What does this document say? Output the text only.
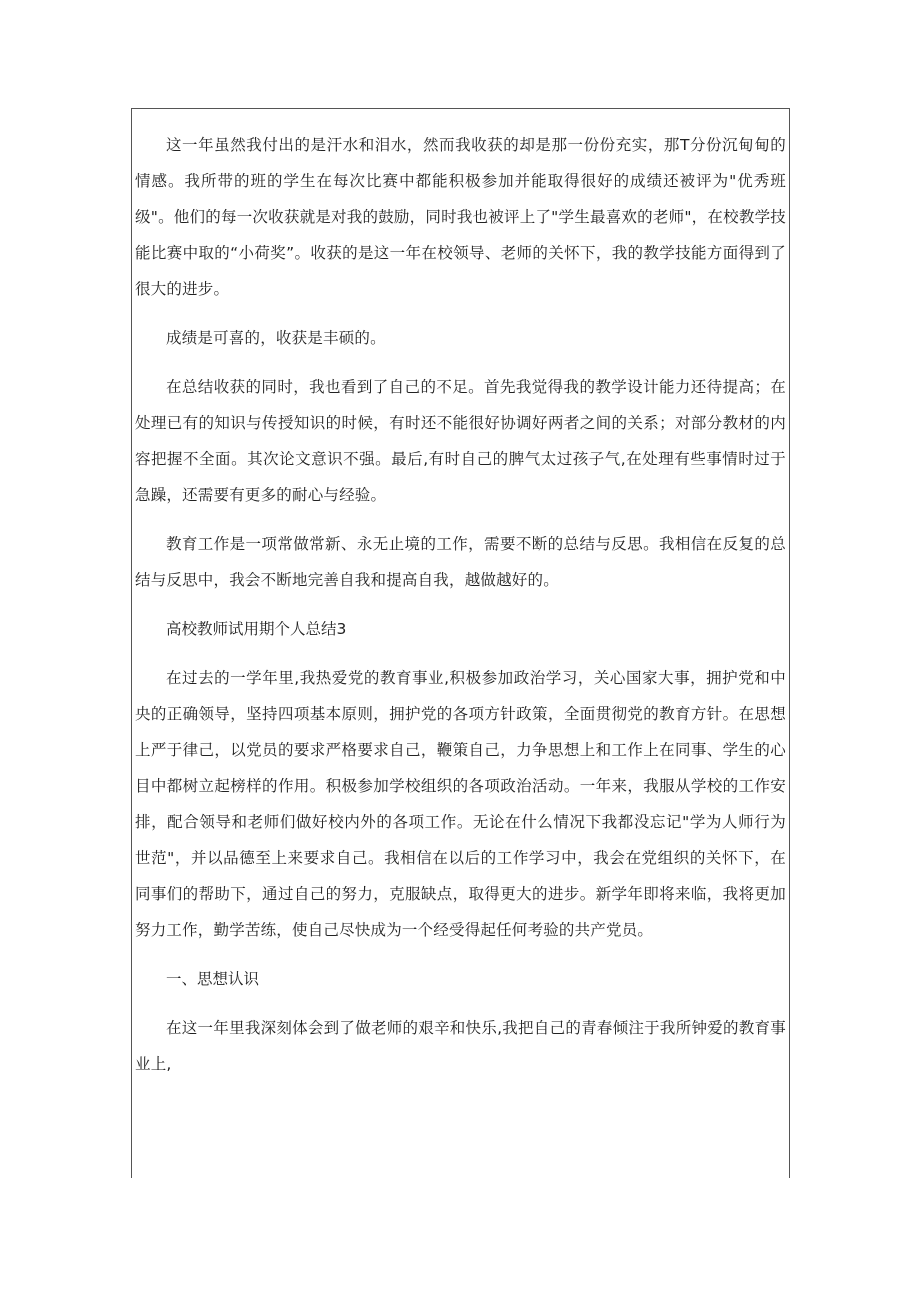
这一年虽然我付出的是汗水和泪水，然而我收获的却是那一份份充实，那T分份沉甸甸的情感。我所带的班的学生在每次比赛中都能积极参加并能取得很好的成绩还被评为"优秀班级"。他们的每一次收获就是对我的鼓励，同时我也被评上了"学生最喜欢的老师"，在校教学技能比赛中取的“小荷奖”。收获的是这一年在校领导、老师的关怀下，我的教学技能方面得到了很大的进步。

成绩是可喜的，收获是丰硕的。

在总结收获的同时，我也看到了自己的不足。首先我觉得我的教学设计能力还待提高；在处理已有的知识与传授知识的时候，有时还不能很好协调好两者之间的关系；对部分教材的内容把握不全面。其次论文意识不强。最后,有时自己的脾气太过孩子气,在处理有些事情时过于急躁，还需要有更多的耐心与经验。

教育工作是一项常做常新、永无止境的工作，需要不断的总结与反思。我相信在反复的总结与反思中，我会不断地完善自我和提高自我，越做越好的。

高校教师试用期个人总结3

在过去的一学年里,我热爱党的教育事业,积极参加政治学习，关心国家大事，拥护党和中央的正确领导，坚持四项基本原则，拥护党的各项方针政策，全面贯彻党的教育方针。在思想上严于律己，以党员的要求严格要求自己，鞭策自己，力争思想上和工作上在同事、学生的心目中都树立起榜样的作用。积极参加学校组织的各项政治活动。一年来，我服从学校的工作安排，配合领导和老师们做好校内外的各项工作。无论在什么情况下我都没忘记"学为人师行为世范"，并以品德至上来要求自己。我相信在以后的工作学习中，我会在党组织的关怀下，在同事们的帮助下，通过自己的努力，克服缺点，取得更大的进步。新学年即将来临，我将更加努力工作，勤学苦练，使自己尽快成为一个经受得起任何考验的共产党员。

一、思想认识

在这一年里我深刻体会到了做老师的艰辛和快乐,我把自己的青春倾注于我所钟爱的教育事业上,
